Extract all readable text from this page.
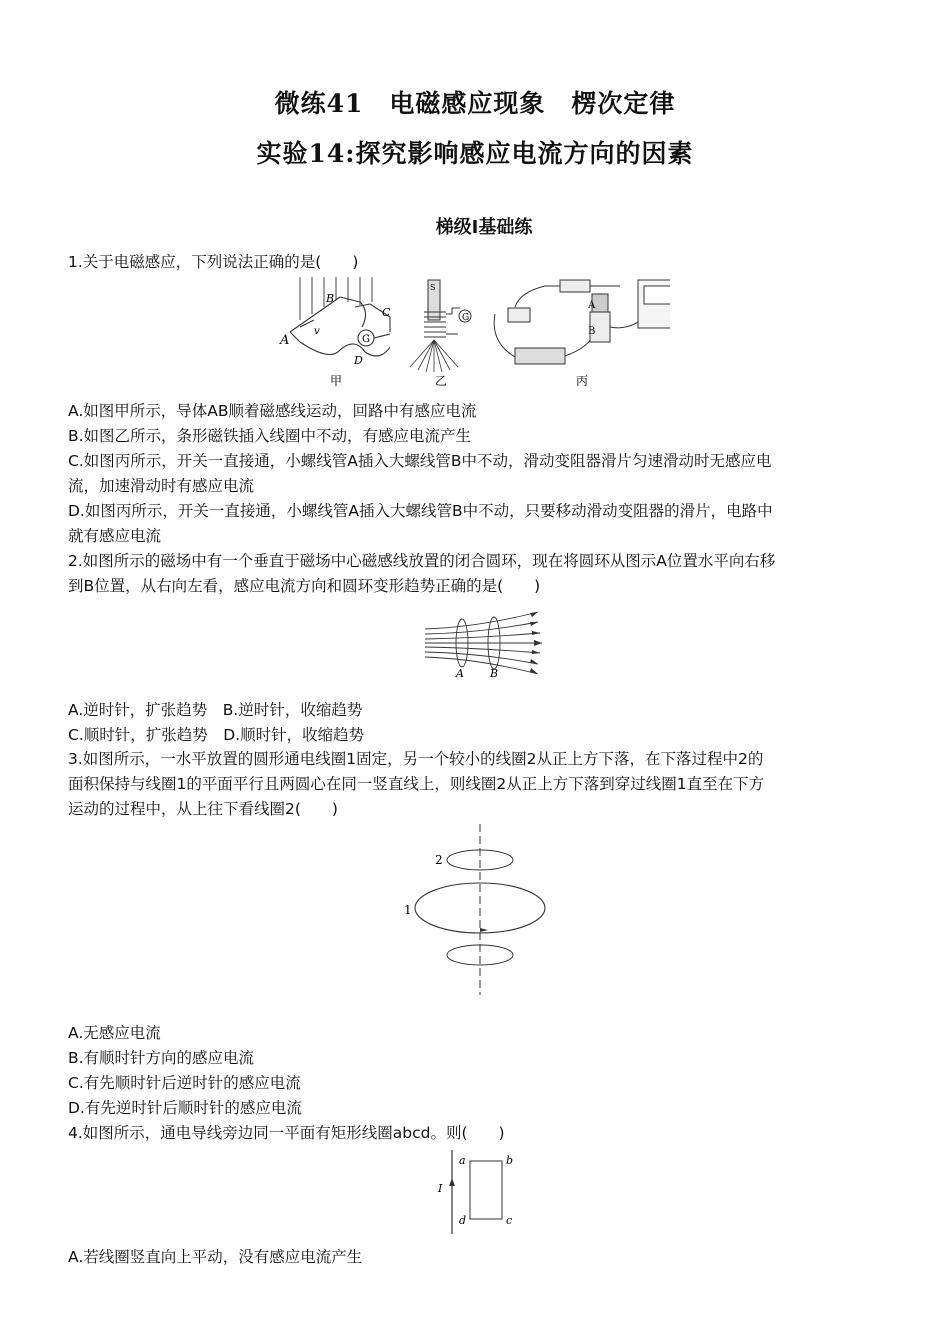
微练41　电磁感应现象　楞次定律
实验14:探究影响感应电流方向的因素
梯级Ⅰ基础练
1.关于电磁感应，下列说法正确的是(　　)
A
B
C
D
v
G
甲
S
G
乙
A
B
丙
A.如图甲所示，导体AB顺着磁感线运动，回路中有感应电流
B.如图乙所示，条形磁铁插入线圈中不动，有感应电流产生
C.如图丙所示，开关一直接通，小螺线管A插入大螺线管B中不动，滑动变阻器滑片匀速滑动时无感应电
流，加速滑动时有感应电流
D.如图丙所示，开关一直接通，小螺线管A插入大螺线管B中不动，只要移动滑动变阻器的滑片，电路中
就有感应电流
2.如图所示的磁场中有一个垂直于磁场中心磁感线放置的闭合圆环，现在将圆环从图示A位置水平向右移
到B位置，从右向左看，感应电流方向和圆环变形趋势正确的是(　　)
A B
A.逆时针，扩张趋势　B.逆时针，收缩趋势
C.顺时针，扩张趋势　D.顺时针，收缩趋势
3.如图所示，一水平放置的圆形通电线圈1固定，另一个较小的线圈2从正上方下落，在下落过程中2的
面积保持与线圈1的平面平行且两圆心在同一竖直线上，则线圈2从正上方下落到穿过线圈1直至在下方
运动的过程中，从上往下看线圈2(　　)
2
1
A.无感应电流
B.有顺时针方向的感应电流
C.有先顺时针后逆时针的感应电流
D.有先逆时针后顺时针的感应电流
4.如图所示，通电导线旁边同一平面有矩形线圈abcd。则(　　)
I
a	b
c
d
A.若线圈竖直向上平动，没有感应电流产生
